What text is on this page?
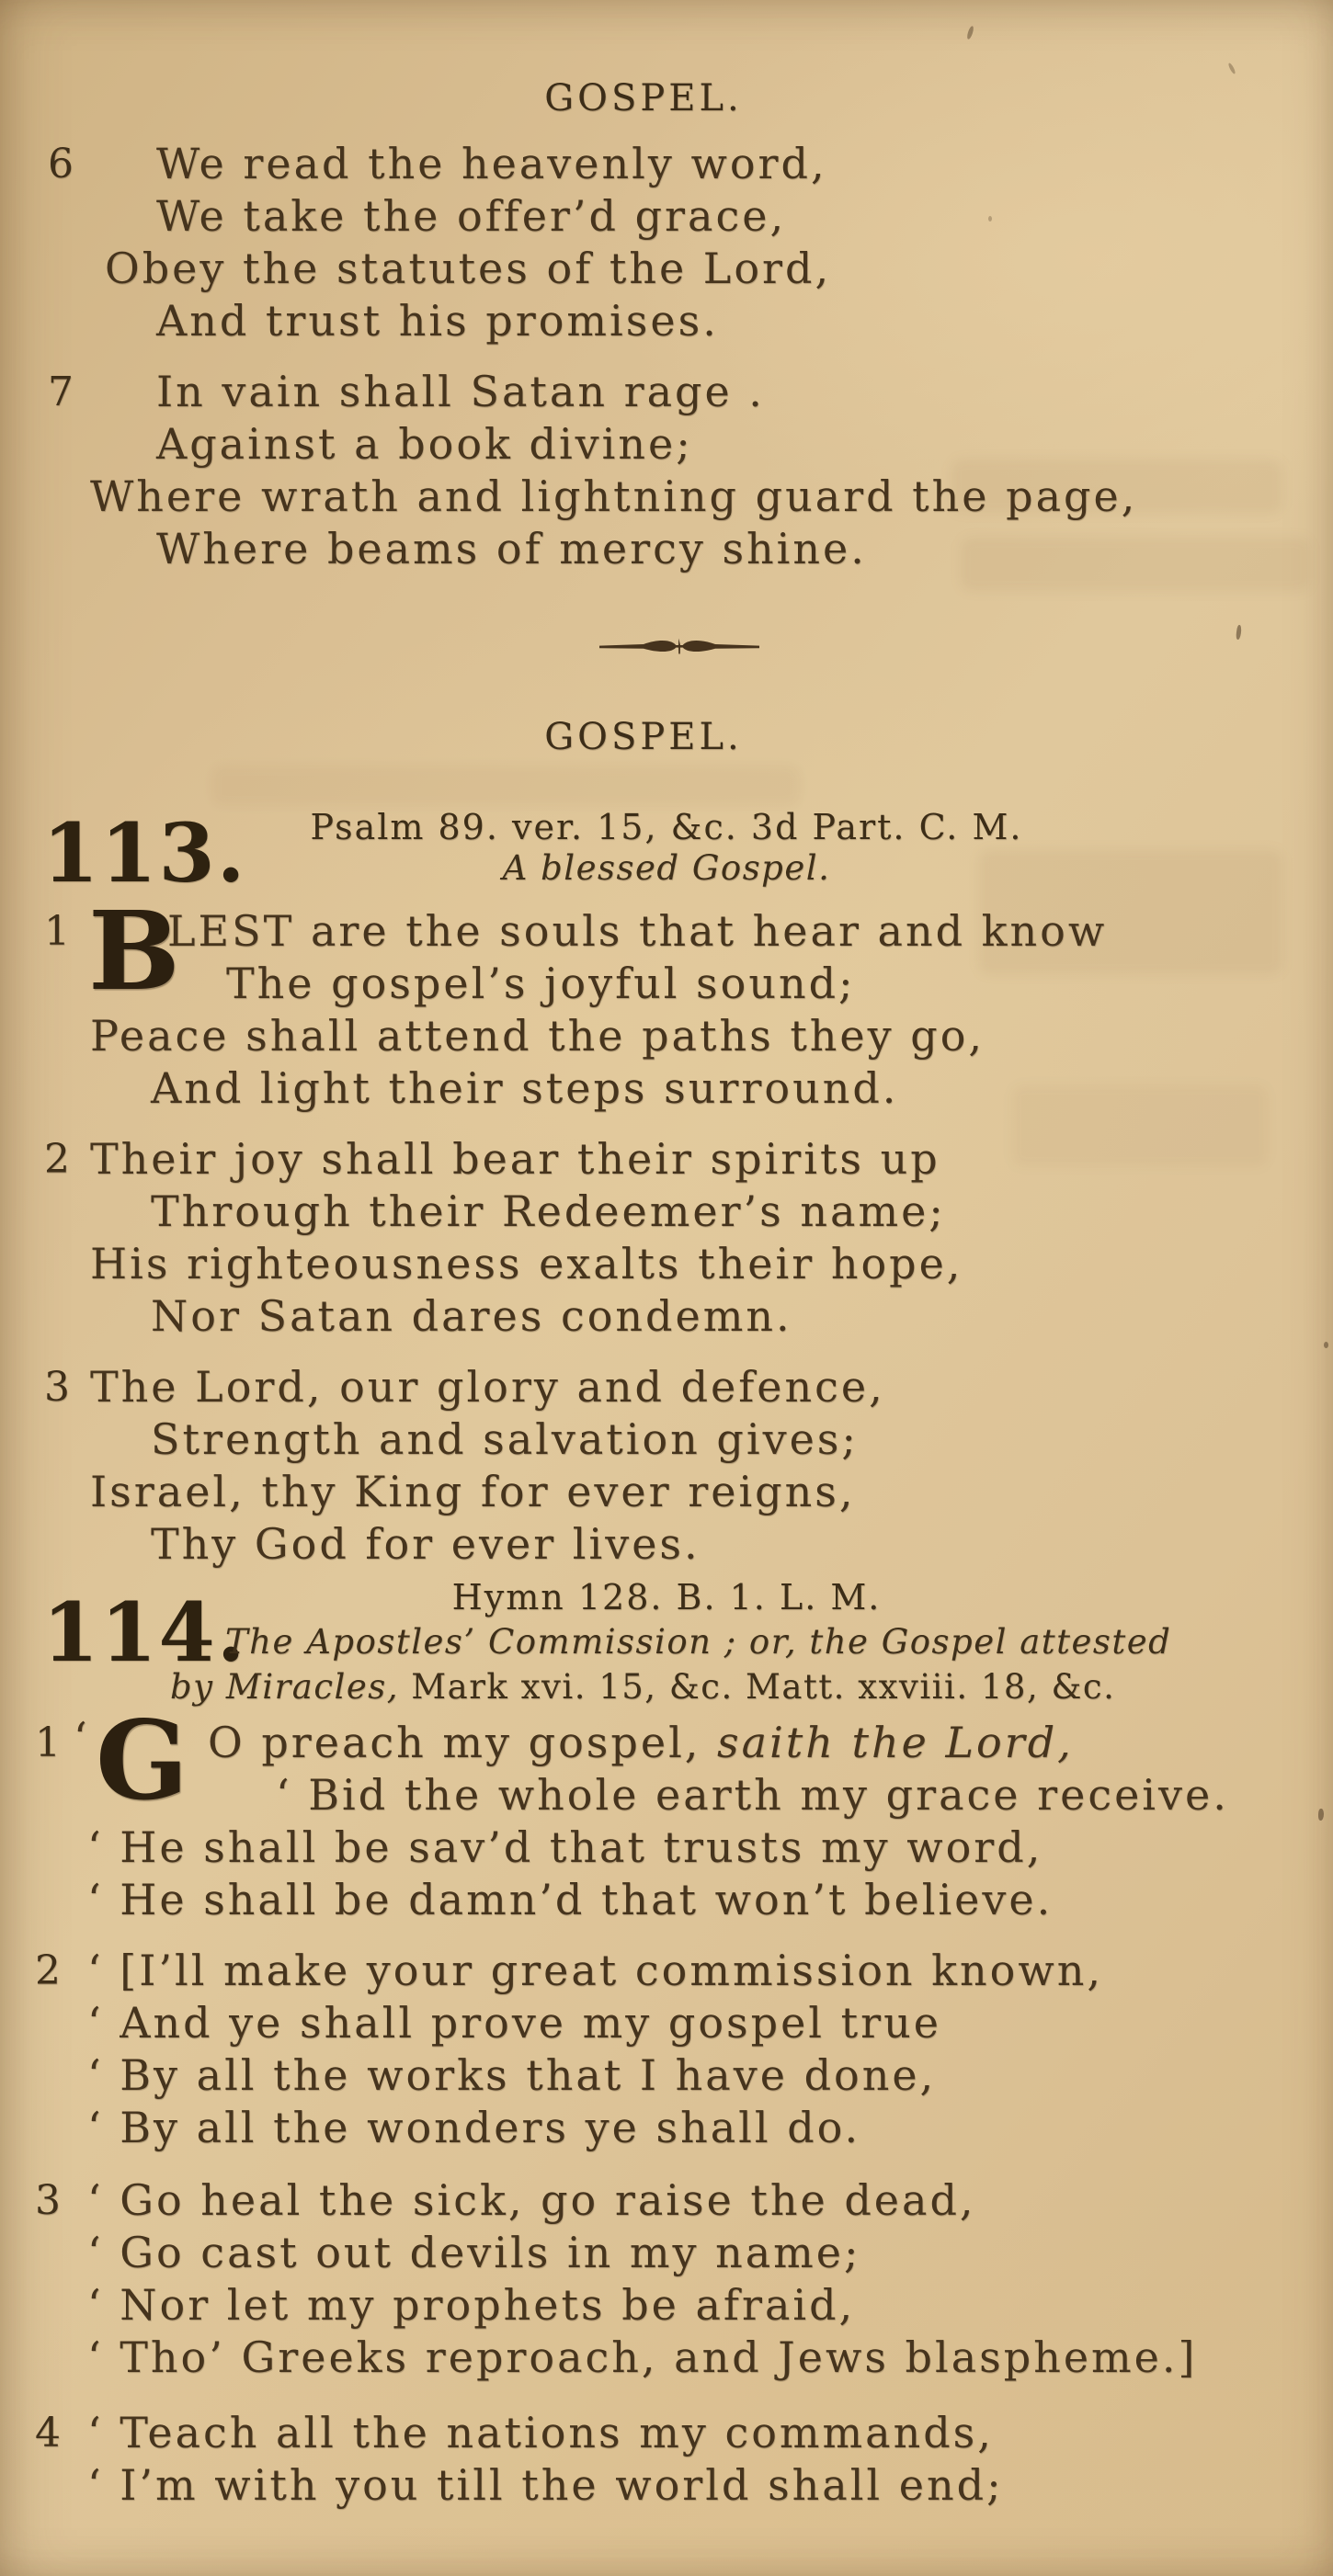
GOSPEL.
6	We read the heavenly word,
We take the offer’d grace,
Obey the statutes of the Lord,
And trust his promises.
7	In vain shall Satan rage .
Against a book divine;
Where wrath and lightning guard the page,
Where beams of mercy shine.
GOSPEL.
113.	Psalm 89. ver. 15, &c. 3d Part. C. M.
A blessed Gospel.
1 B
LEST are the souls that hear and know
The gospel’s joyful sound;
Peace shall attend the paths they go,
And light their steps surround.
2 Their joy shall bear their spirits up
Through their Redeemer’s name;
His righteousness exalts their hope,
Nor Satan dares condemn.
3 The Lord, our glory and defence,
Strength and salvation gives;
Israel, thy King for ever reigns,
Thy God for ever lives.
114.	Hymn 128. B. 1. L. M.
The Apostles’ Commission ; or, the Gospel attested
by Miracles, Mark xvi. 15, &c. Matt. xxviii. 18, &c.
1 ‘ G O preach my gospel, saith the Lord,
‘ Bid the whole earth my grace receive.
‘ He shall be sav’d that trusts my word,
‘ He shall be damn’d that won’t believe.
2 ‘ [I’ll make your great commission known,
‘ And ye shall prove my gospel true
‘ By all the works that I have done,
‘ By all the wonders ye shall do.
3 ‘ Go heal the sick, go raise the dead,
‘ Go cast out devils in my name;
‘ Nor let my prophets be afraid,
‘ Tho’ Greeks reproach, and Jews blaspheme.]
4 ‘ Teach all the nations my commands,
‘ I’m with you till the world shall end;
